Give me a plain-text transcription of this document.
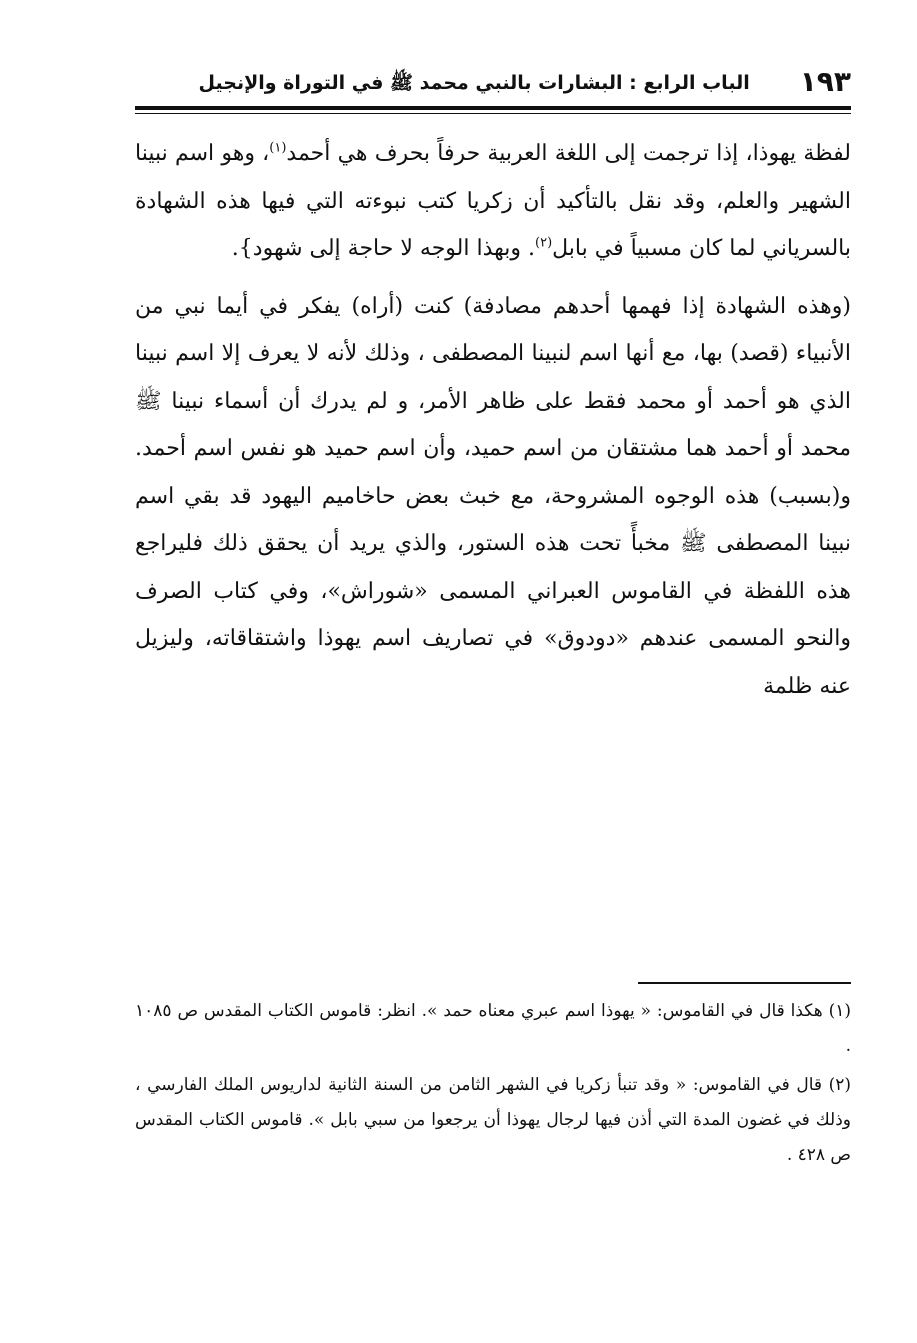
١٩٣
الباب الرابع : البشارات بالنبي محمد ﷺ في التوراة والإنجيل

لفظة يهوذا، إذا ترجمت إلى اللغة العربية حرفاً بحرف هي أحمد$^{(١)}$، وهو اسم نبينا الشهير والعلم، وقد نقل بالتأكيد أن زكريا كتب نبوءته التي فيها هذه الشهادة بالسرياني لما كان مسبياً في بابل$^{(٢)}$. وبهذا الوجه لا حاجة إلى شهود}.

(وهذه الشهادة إذا فهمها أحدهم مصادفة) كنت (أراه) يفكر في أيما نبي من الأنبياء (قصد) بها، مع أنها اسم لنبينا المصطفى ، وذلك لأنه لا يعرف إلا اسم نبينا الذي هو أحمد أو محمد فقط على ظاهر الأمر، و لم يدرك أن أسماء نبينا ﷺ محمد أو أحمد هما مشتقان من اسم حميد، وأن اسم حميد هو نفس اسم أحمد. و(بسبب) هذه الوجوه المشروحة، مع خبث بعض حاخاميم اليهود قد بقي اسم نبينا المصطفى ﷺ مخبأً تحت هذه الستور، والذي يريد أن يحقق ذلك فليراجع هذه اللفظة في القاموس العبراني المسمى «شوراش»، وفي كتاب الصرف والنحو المسمى عندهم «دودوق» في تصاريف اسم يهوذا واشتقاقاته، وليزيل عنه ظلمة

(١) هكذا قال في القاموس: « يهوذا اسم عبري معناه حمد ». انظر: قاموس الكتاب المقدس ص ١٠٨٥ .

(٢) قال في القاموس: « وقد تنبأ زكريا في الشهر الثامن من السنة الثانية لداريوس الملك الفارسي ، وذلك في غضون المدة التي أذن فيها لرجال يهوذا أن يرجعوا من سبي بابل ». قاموس الكتاب المقدس ص ٤٢٨ .
